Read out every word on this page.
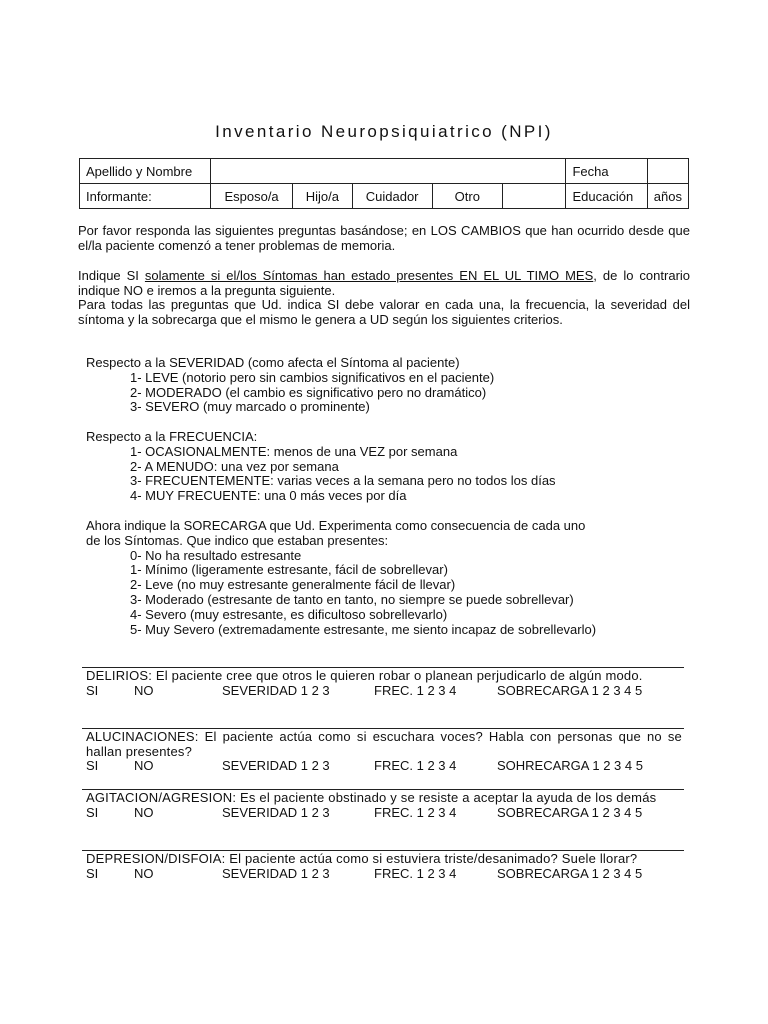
Inventario Neuropsiquiatrico (NPI)
Apellido y Nombre						Fecha	
Informante:	Esposo/a	Hijo/a	Cuidador	Otro		Educación	años
Por favor responda las siguientes preguntas basándose; en LOS CAMBIOS que han ocurrido desde que el/la paciente comenzó a tener problemas de memoria.
Indique SI solamente si el/los Síntomas han estado presentes EN EL UL TIMO MES, de lo contrario indique NO e iremos a la pregunta siguiente.
Para todas las preguntas que Ud. indica SI debe valorar en cada una, la frecuencia, la severidad del síntoma y la sobrecarga que el mismo le genera a UD según los siguientes criterios.
Respecto a la SEVERIDAD (como afecta el Síntoma al paciente)
1- LEVE (notorio pero sin cambios significativos en el paciente)
2- MODERADO (el cambio es significativo pero no dramático)
3- SEVERO (muy marcado o prominente)
Respecto a la FRECUENCIA:
1- OCASIONALMENTE: menos de una VEZ por semana
2- A MENUDO: una vez por semana
3- FRECUENTEMENTE: varias veces a la semana pero no todos los días
4- MUY FRECUENTE: una 0 más veces por día
Ahora indique la SORECARGA que Ud. Experimenta como consecuencia de cada uno
de los Síntomas. Que indico que estaban presentes:
0- No ha resultado estresante
1- Mínimo (ligeramente estresante, fácil de sobrellevar)
2- Leve (no muy estresante generalmente fácil de llevar)
3- Moderado (estresante de tanto en tanto, no siempre se puede sobrellevar)
4- Severo (muy estresante, es dificultoso sobrellevarlo)
5- Muy Severo (extremadamente estresante, me siento incapaz de sobrellevarlo)
DELIRIOS: El paciente cree que otros le quieren robar o planean perjudicarlo de algún modo.
SI	NO	SEVERIDAD 1 2 3	FREC. 1 2 3 4	SOBRECARGA 1 2 3 4 5
ALUCINACIONES: El paciente actúa como si escuchara voces? Habla con personas que no se hallan presentes?
SI	NO	SEVERIDAD 1 2 3	FREC. 1 2 3 4	SOHRECARGA 1 2 3 4 5
AGITACION/AGRESION: Es el paciente obstinado y se resiste a aceptar la ayuda de los demás
SI	NO	SEVERIDAD 1 2 3	FREC. 1 2 3 4	SOBRECARGA 1 2 3 4 5
DEPRESION/DISFOIA: El paciente actúa como si estuviera triste/desanimado? Suele llorar?
SI	NO	SEVERIDAD 1 2 3	FREC. 1 2 3 4	SOBRECARGA 1 2 3 4 5
